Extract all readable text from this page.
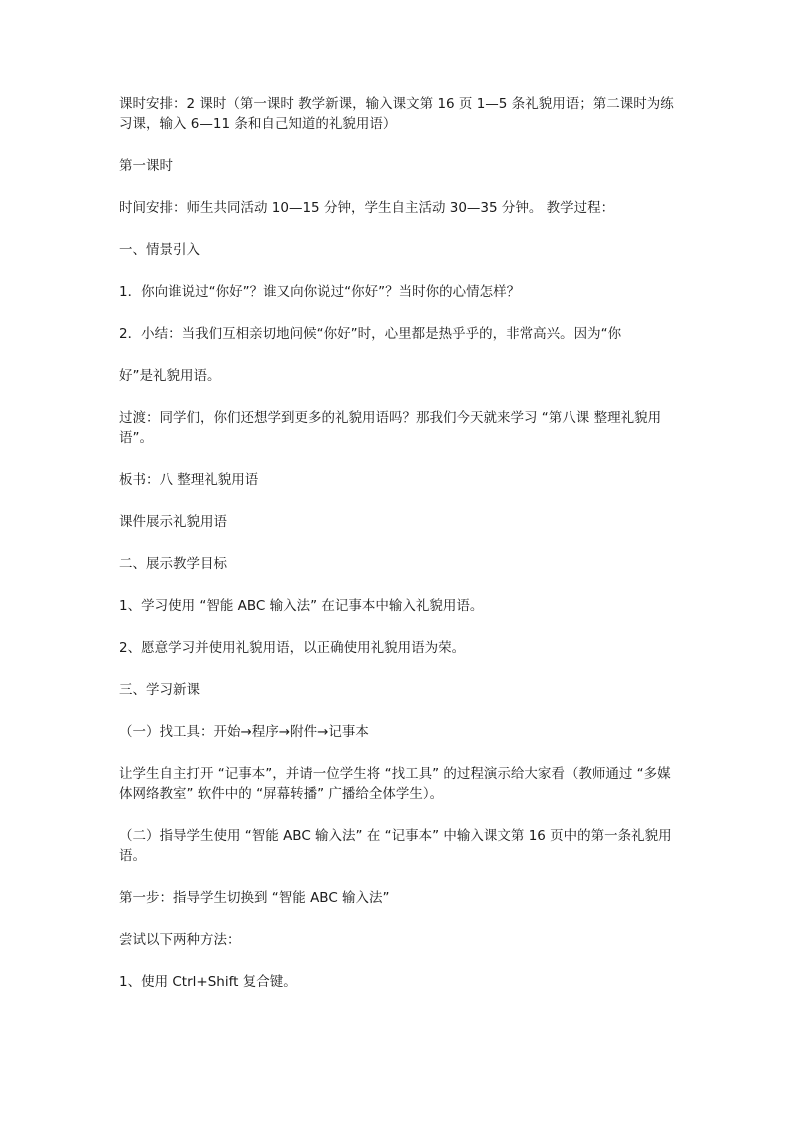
课时安排：2 课时（第一课时 教学新课，输入课文第 16 页 1—5 条礼貌用语；第二课时为练习课，输入 6—11 条和自己知道的礼貌用语）

第一课时

时间安排：师生共同活动 10—15 分钟，学生自主活动 30—35 分钟。 教学过程：

一、情景引入

1．你向谁说过“你好”？谁又向你说过“你好”？当时你的心情怎样？

2．小结：当我们互相亲切地问候“你好”时，心里都是热乎乎的，非常高兴。因为“你

好”是礼貌用语。

过渡：同学们，你们还想学到更多的礼貌用语吗？那我们今天就来学习 “第八课 整理礼貌用语”。

板书：八 整理礼貌用语

课件展示礼貌用语

二、展示教学目标

1、学习使用 “智能 ABC 输入法” 在记事本中输入礼貌用语。

2、愿意学习并使用礼貌用语，以正确使用礼貌用语为荣。

三、学习新课

（一）找工具：开始→程序→附件→记事本

让学生自主打开 “记事本”，并请一位学生将 “找工具” 的过程演示给大家看（教师通过 “多媒体网络教室” 软件中的 “屏幕转播” 广播给全体学生）。

（二）指导学生使用 “智能 ABC 输入法” 在 “记事本” 中输入课文第 16 页中的第一条礼貌用语。

第一步：指导学生切换到 “智能 ABC 输入法”

尝试以下两种方法：

1、使用 Ctrl+Shift 复合键。
